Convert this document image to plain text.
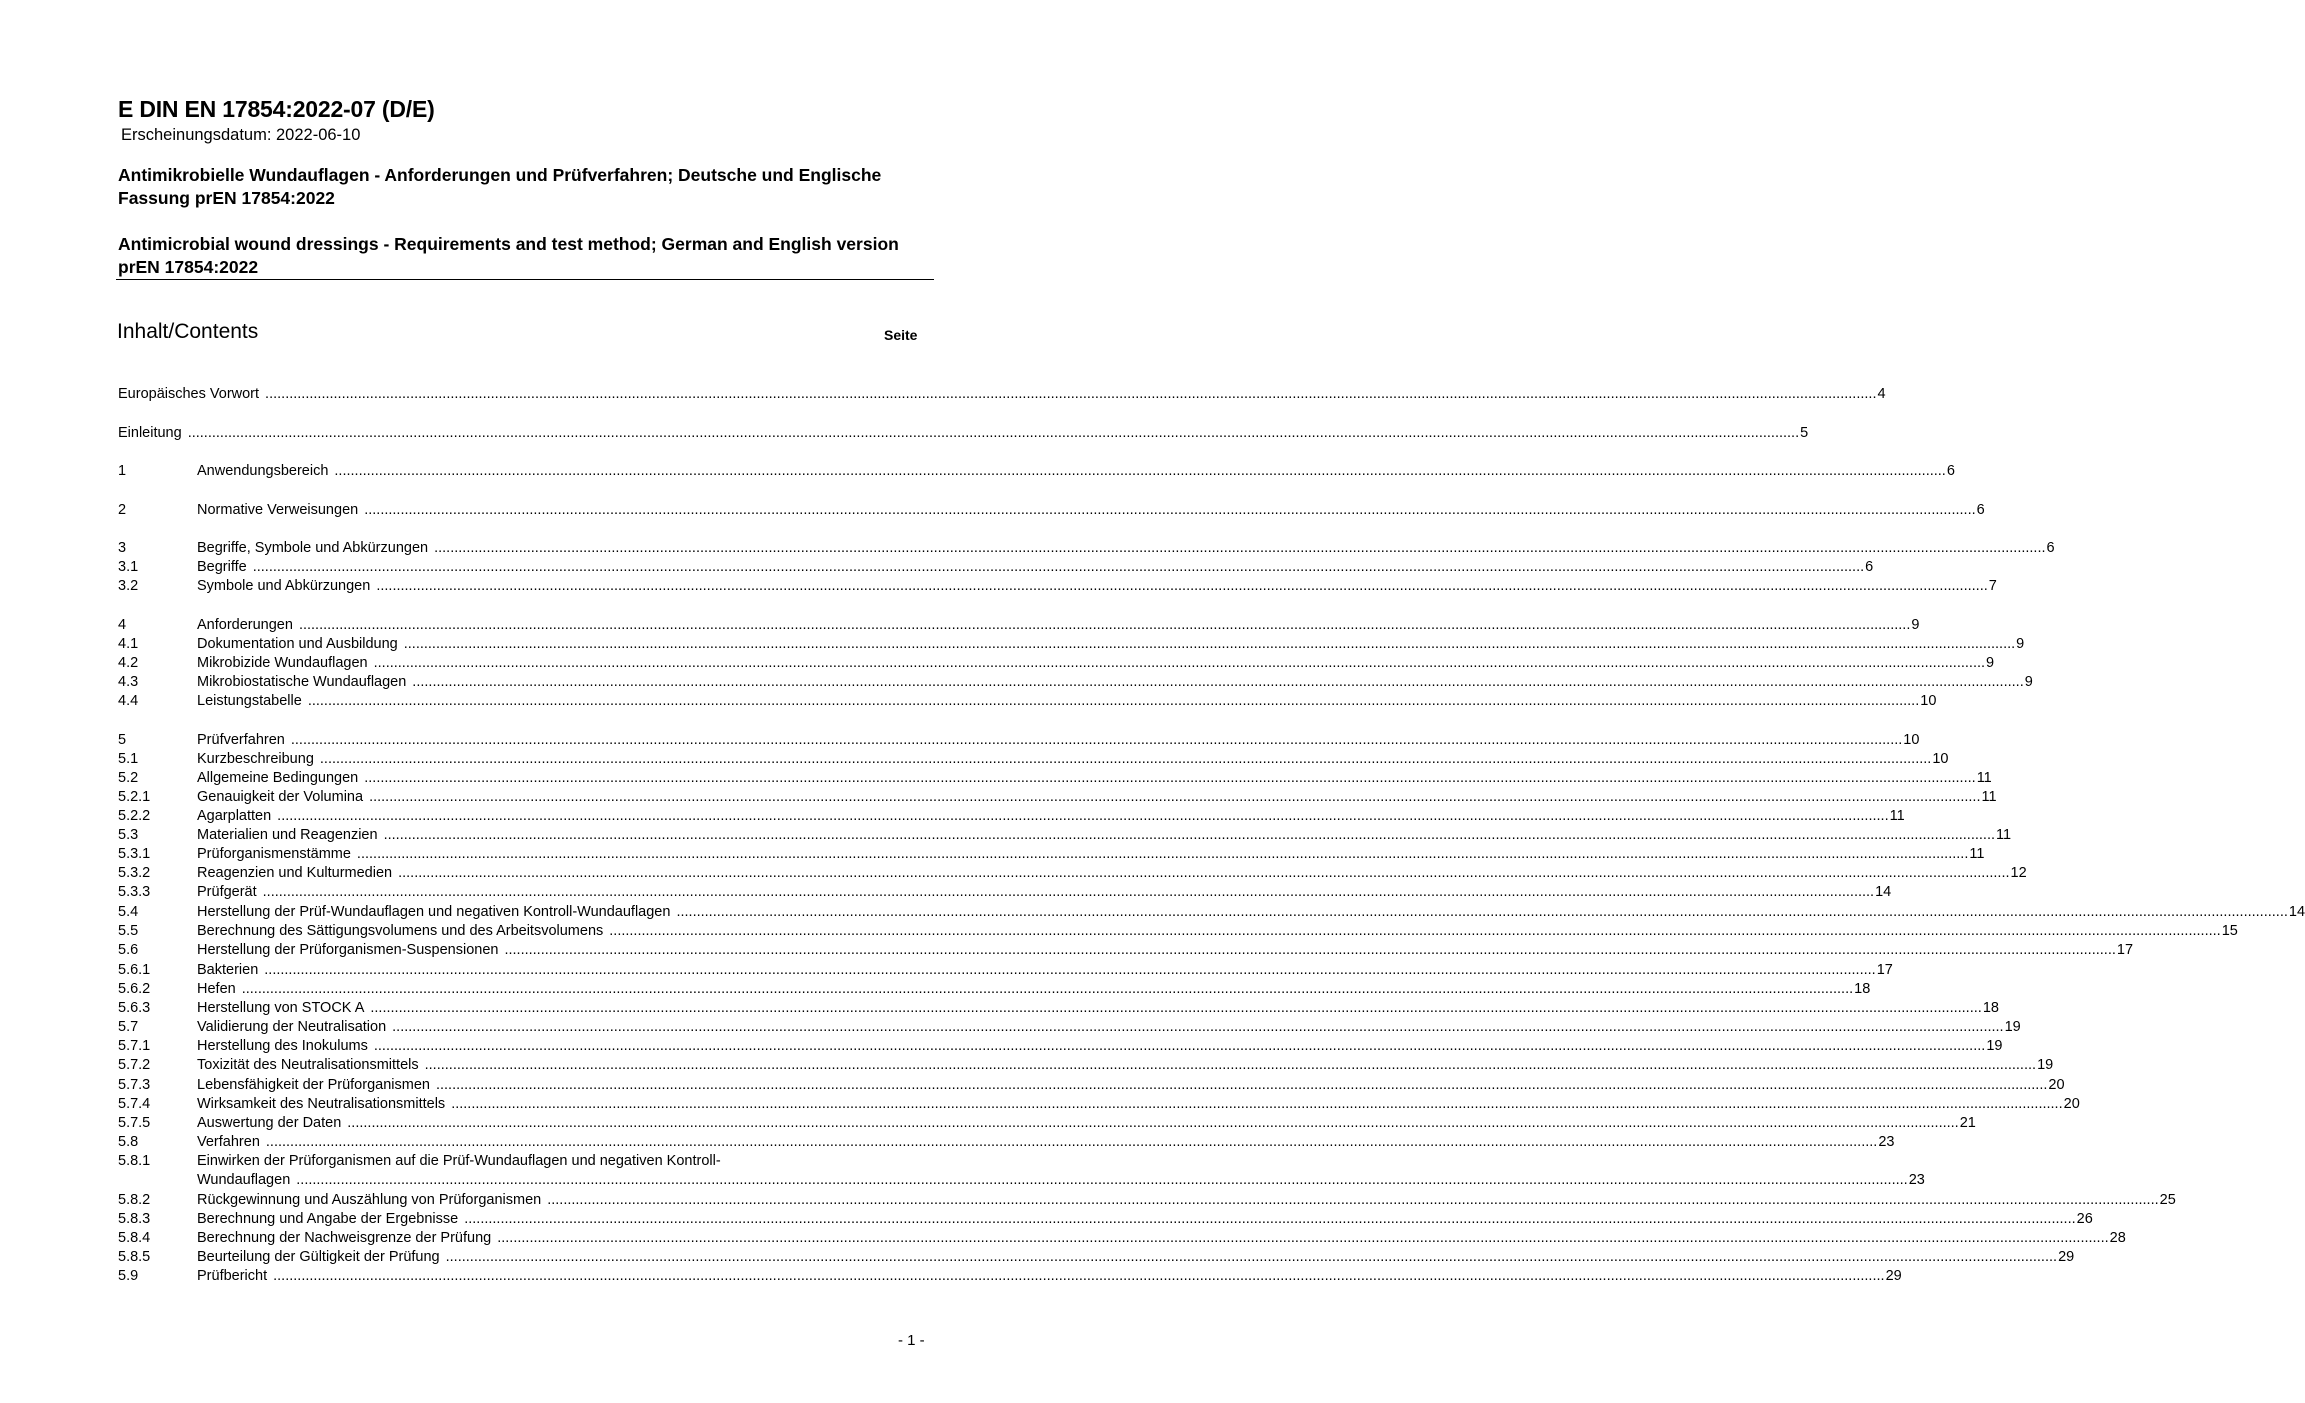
E DIN EN 17854:2022-07 (D/E)
Erscheinungsdatum: 2022-06-10
Antimikrobielle Wundauflagen - Anforderungen und Prüfverfahren; Deutsche und Englische Fassung prEN 17854:2022
Antimicrobial wound dressings - Requirements and test method; German and English version prEN 17854:2022
Inhalt/Contents	Seite
Europäisches Vorwort ................................................................................................................................................................................................................................................................................................................................................................................................................ 4
Einleitung ................................................................................................................................................................................................................................................................................................................................................................................................................ 5
1	Anwendungsbereich ................................................................................................................................................................................................................................................................................................................................................................................................................ 6
2	Normative Verweisungen ................................................................................................................................................................................................................................................................................................................................................................................................................ 6
3	Begriffe, Symbole und Abkürzungen ................................................................................................................................................................................................................................................................................................................................................................................................................ 6
3.1	Begriffe ................................................................................................................................................................................................................................................................................................................................................................................................................ 6
3.2	Symbole und Abkürzungen ................................................................................................................................................................................................................................................................................................................................................................................................................ 7
4	Anforderungen ................................................................................................................................................................................................................................................................................................................................................................................................................ 9
4.1	Dokumentation und Ausbildung ................................................................................................................................................................................................................................................................................................................................................................................................................ 9
4.2	Mikrobizide Wundauflagen ................................................................................................................................................................................................................................................................................................................................................................................................................ 9
4.3	Mikrobiostatische Wundauflagen ................................................................................................................................................................................................................................................................................................................................................................................................................ 9
4.4	Leistungstabelle ................................................................................................................................................................................................................................................................................................................................................................................................................ 10
5	Prüfverfahren ................................................................................................................................................................................................................................................................................................................................................................................................................ 10
5.1	Kurzbeschreibung ................................................................................................................................................................................................................................................................................................................................................................................................................ 10
5.2	Allgemeine Bedingungen ................................................................................................................................................................................................................................................................................................................................................................................................................ 11
5.2.1	Genauigkeit der Volumina ................................................................................................................................................................................................................................................................................................................................................................................................................ 11
5.2.2	Agarplatten ................................................................................................................................................................................................................................................................................................................................................................................................................ 11
5.3	Materialien und Reagenzien ................................................................................................................................................................................................................................................................................................................................................................................................................ 11
5.3.1	Prüforganismenstämme ................................................................................................................................................................................................................................................................................................................................................................................................................ 11
5.3.2	Reagenzien und Kulturmedien ................................................................................................................................................................................................................................................................................................................................................................................................................ 12
5.3.3	Prüfgerät ................................................................................................................................................................................................................................................................................................................................................................................................................ 14
5.4	Herstellung der Prüf-Wundauflagen und negativen Kontroll-Wundauflagen ................................................................................................................................................................................................................................................................................................................................................................................................................ 14
5.5	Berechnung des Sättigungsvolumens und des Arbeitsvolumens ................................................................................................................................................................................................................................................................................................................................................................................................................ 15
5.6	Herstellung der Prüforganismen-Suspensionen ................................................................................................................................................................................................................................................................................................................................................................................................................ 17
5.6.1	Bakterien ................................................................................................................................................................................................................................................................................................................................................................................................................ 17
5.6.2	Hefen ................................................................................................................................................................................................................................................................................................................................................................................................................ 18
5.6.3	Herstellung von STOCK A ................................................................................................................................................................................................................................................................................................................................................................................................................ 18
5.7	Validierung der Neutralisation ................................................................................................................................................................................................................................................................................................................................................................................................................ 19
5.7.1	Herstellung des Inokulums ................................................................................................................................................................................................................................................................................................................................................................................................................ 19
5.7.2	Toxizität des Neutralisationsmittels ................................................................................................................................................................................................................................................................................................................................................................................................................ 19
5.7.3	Lebensfähigkeit der Prüforganismen ................................................................................................................................................................................................................................................................................................................................................................................................................ 20
5.7.4	Wirksamkeit des Neutralisationsmittels ................................................................................................................................................................................................................................................................................................................................................................................................................ 20
5.7.5	Auswertung der Daten ................................................................................................................................................................................................................................................................................................................................................................................................................ 21
5.8	Verfahren ................................................................................................................................................................................................................................................................................................................................................................................................................ 23
5.8.1	Einwirken der Prüforganismen auf die Prüf-Wundauflagen und negativen Kontroll-
Wundauflagen ................................................................................................................................................................................................................................................................................................................................................................................................................ 23
5.8.2	Rückgewinnung und Auszählung von Prüforganismen ................................................................................................................................................................................................................................................................................................................................................................................................................ 25
5.8.3	Berechnung und Angabe der Ergebnisse ................................................................................................................................................................................................................................................................................................................................................................................................................ 26
5.8.4	Berechnung der Nachweisgrenze der Prüfung ................................................................................................................................................................................................................................................................................................................................................................................................................ 28
5.8.5	Beurteilung der Gültigkeit der Prüfung ................................................................................................................................................................................................................................................................................................................................................................................................................ 29
5.9	Prüfbericht ................................................................................................................................................................................................................................................................................................................................................................................................................ 29
- 1 -
